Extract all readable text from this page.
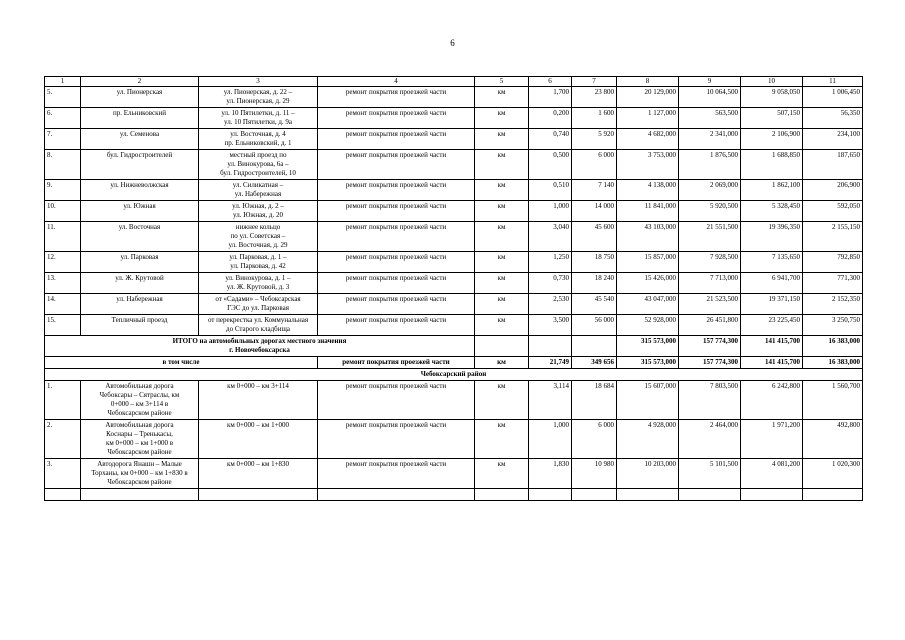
6
1	2	3	4	5	6	7	8	9	10	11
5.	ул. Пионерская	ул. Пионерская, д. 22 –
ул. Пионерская, д. 29	ремонт покрытия проезжей части	км	1,700	23 800	20 129,000	10 064,500	9 058,050	1 006,450
6.	пр. Ельниковский	ул. 10 Пятилетки, д. 11 –
ул. 10 Пятилетки, д. 9а	ремонт покрытия проезжей части	км	0,200	1 600	1 127,000	563,500	507,150	56,350
7.	ул. Семенова	ул. Восточная, д. 4
пр. Ельниковский, д. 1	ремонт покрытия проезжей части	км	0,740	5 920	4 682,000	2 341,000	2 106,900	234,100
8.	бул. Гидростроителей	местный проезд по
ул. Винокурова, 6а –
бул. Гидростроителей, 10	ремонт покрытия проезжей части	км	0,500	6 000	3 753,000	1 876,500	1 688,850	187,650
9.	ул. Нижневолжская	ул. Силикатная –
ул. Набережная	ремонт покрытия проезжей части	км	0,510	7 140	4 138,000	2 069,000	1 862,100	206,900
10.	ул. Южная	ул. Южная, д. 2 –
ул. Южная, д. 20	ремонт покрытия проезжей части	км	1,000	14 000	11 841,000	5 920,500	5 328,450	592,050
11.	ул. Восточная	нижнее кольцо
по ул. Советская –
ул. Восточная, д. 29	ремонт покрытия проезжей части	км	3,040	45 600	43 103,000	21 551,500	19 396,350	2 155,150
12.	ул. Парковая	ул. Парковая, д. 1 –
ул. Парковая, д. 42	ремонт покрытия проезжей части	км	1,250	18 750	15 857,000	7 928,500	7 135,650	792,850
13.	ул. Ж. Крутовой	ул. Винокурова, д. 1 –
ул. Ж. Крутовой, д. 3	ремонт покрытия проезжей части	км	0,730	18 240	15 426,000	7 713,000	6 941,700	771,300
14.	ул. Набережная	от «Садами» – Чебоксарская
ГЭС до ул. Парковая	ремонт покрытия проезжей части	км	2,530	45 540	43 047,000	21 523,500	19 371,150	2 152,350
15.	Тепличный проезд	от перекрестка ул. Коммунальная
до Старого кладбища	ремонт покрытия проезжей части	км	3,500	56 000	52 928,000	26 451,800	23 225,450	3 250,750
ИТОГО на автомобильных дорогах местного значения
г. Новочебоксарска							315 573,000	157 774,300	141 415,700	16 383,000
в том числе			ремонт покрытия проезжей части	км	21,749	349 656	315 573,000	157 774,300	141 415,700	16 383,000
Чебоксарский район										
1.	Автомобильная дорога
Чебоксары – Сятраслы, км
0+000 – км 3+114 в
Чебоксарском районе	км 0+000 – км 3+114	ремонт покрытия проезжей части	км	3,114	18 684	15 607,000	7 803,500	6 242,800	1 560,700
2.	Автомобильная дорога
Коснары – Тренькасы,
км 0+000 – км 1+000 в
Чебоксарском районе	км 0+000 – км 1+000	ремонт покрытия проезжей части	км	1,000	6 000	4 928,000	2 464,000	1 971,200	492,800
3.	Автодорога Янашн – Малые
Торханы, км 0+000 – км 1+830 в
Чебоксарском районе	км 0+000 – км 1+830	ремонт покрытия проезжей части	км	1,830	10 980	10 203,000	5 101,500	4 081,200	1 020,300
